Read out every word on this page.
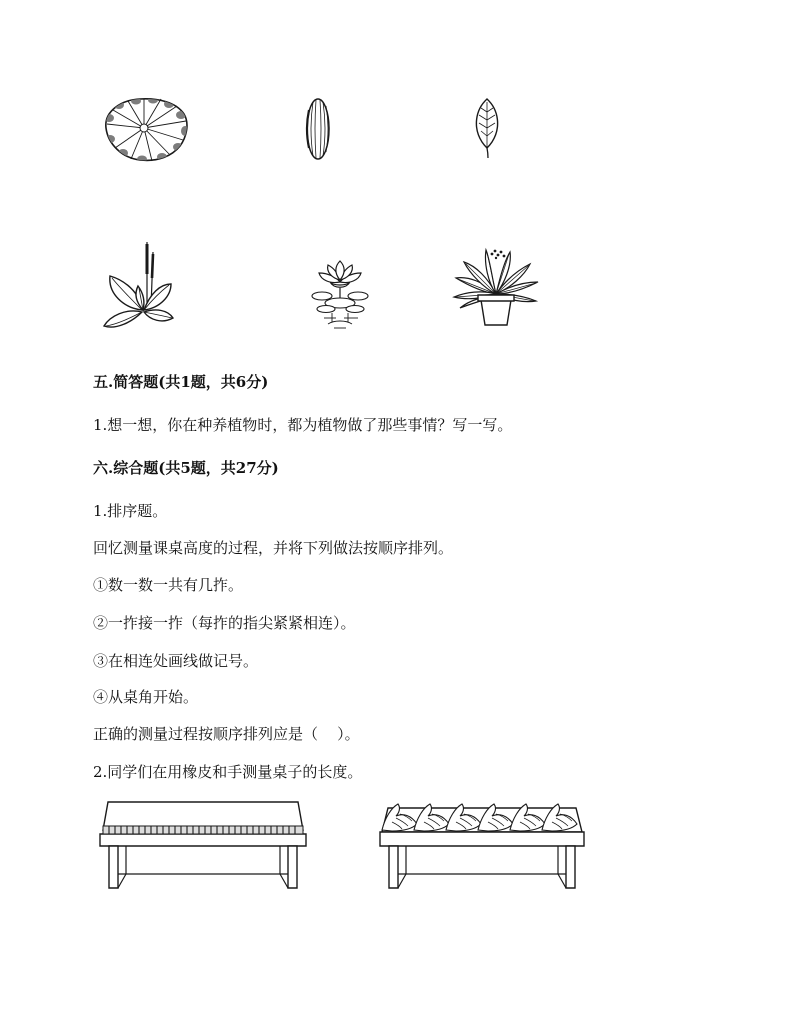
五.简答题(共1题，共6分)
1.想一想，你在种养植物时，都为植物做了那些事情？写一写。
六.综合题(共5题，共27分)
1.排序题。
回忆测量课桌高度的过程，并将下列做法按顺序排列。
①数一数一共有几拃。
②一拃接一拃（每拃的指尖紧紧相连）。
③在相连处画线做记号。
④从桌角开始。
正确的测量过程按顺序排列应是（    ）。
2.同学们在用橡皮和手测量桌子的长度。
